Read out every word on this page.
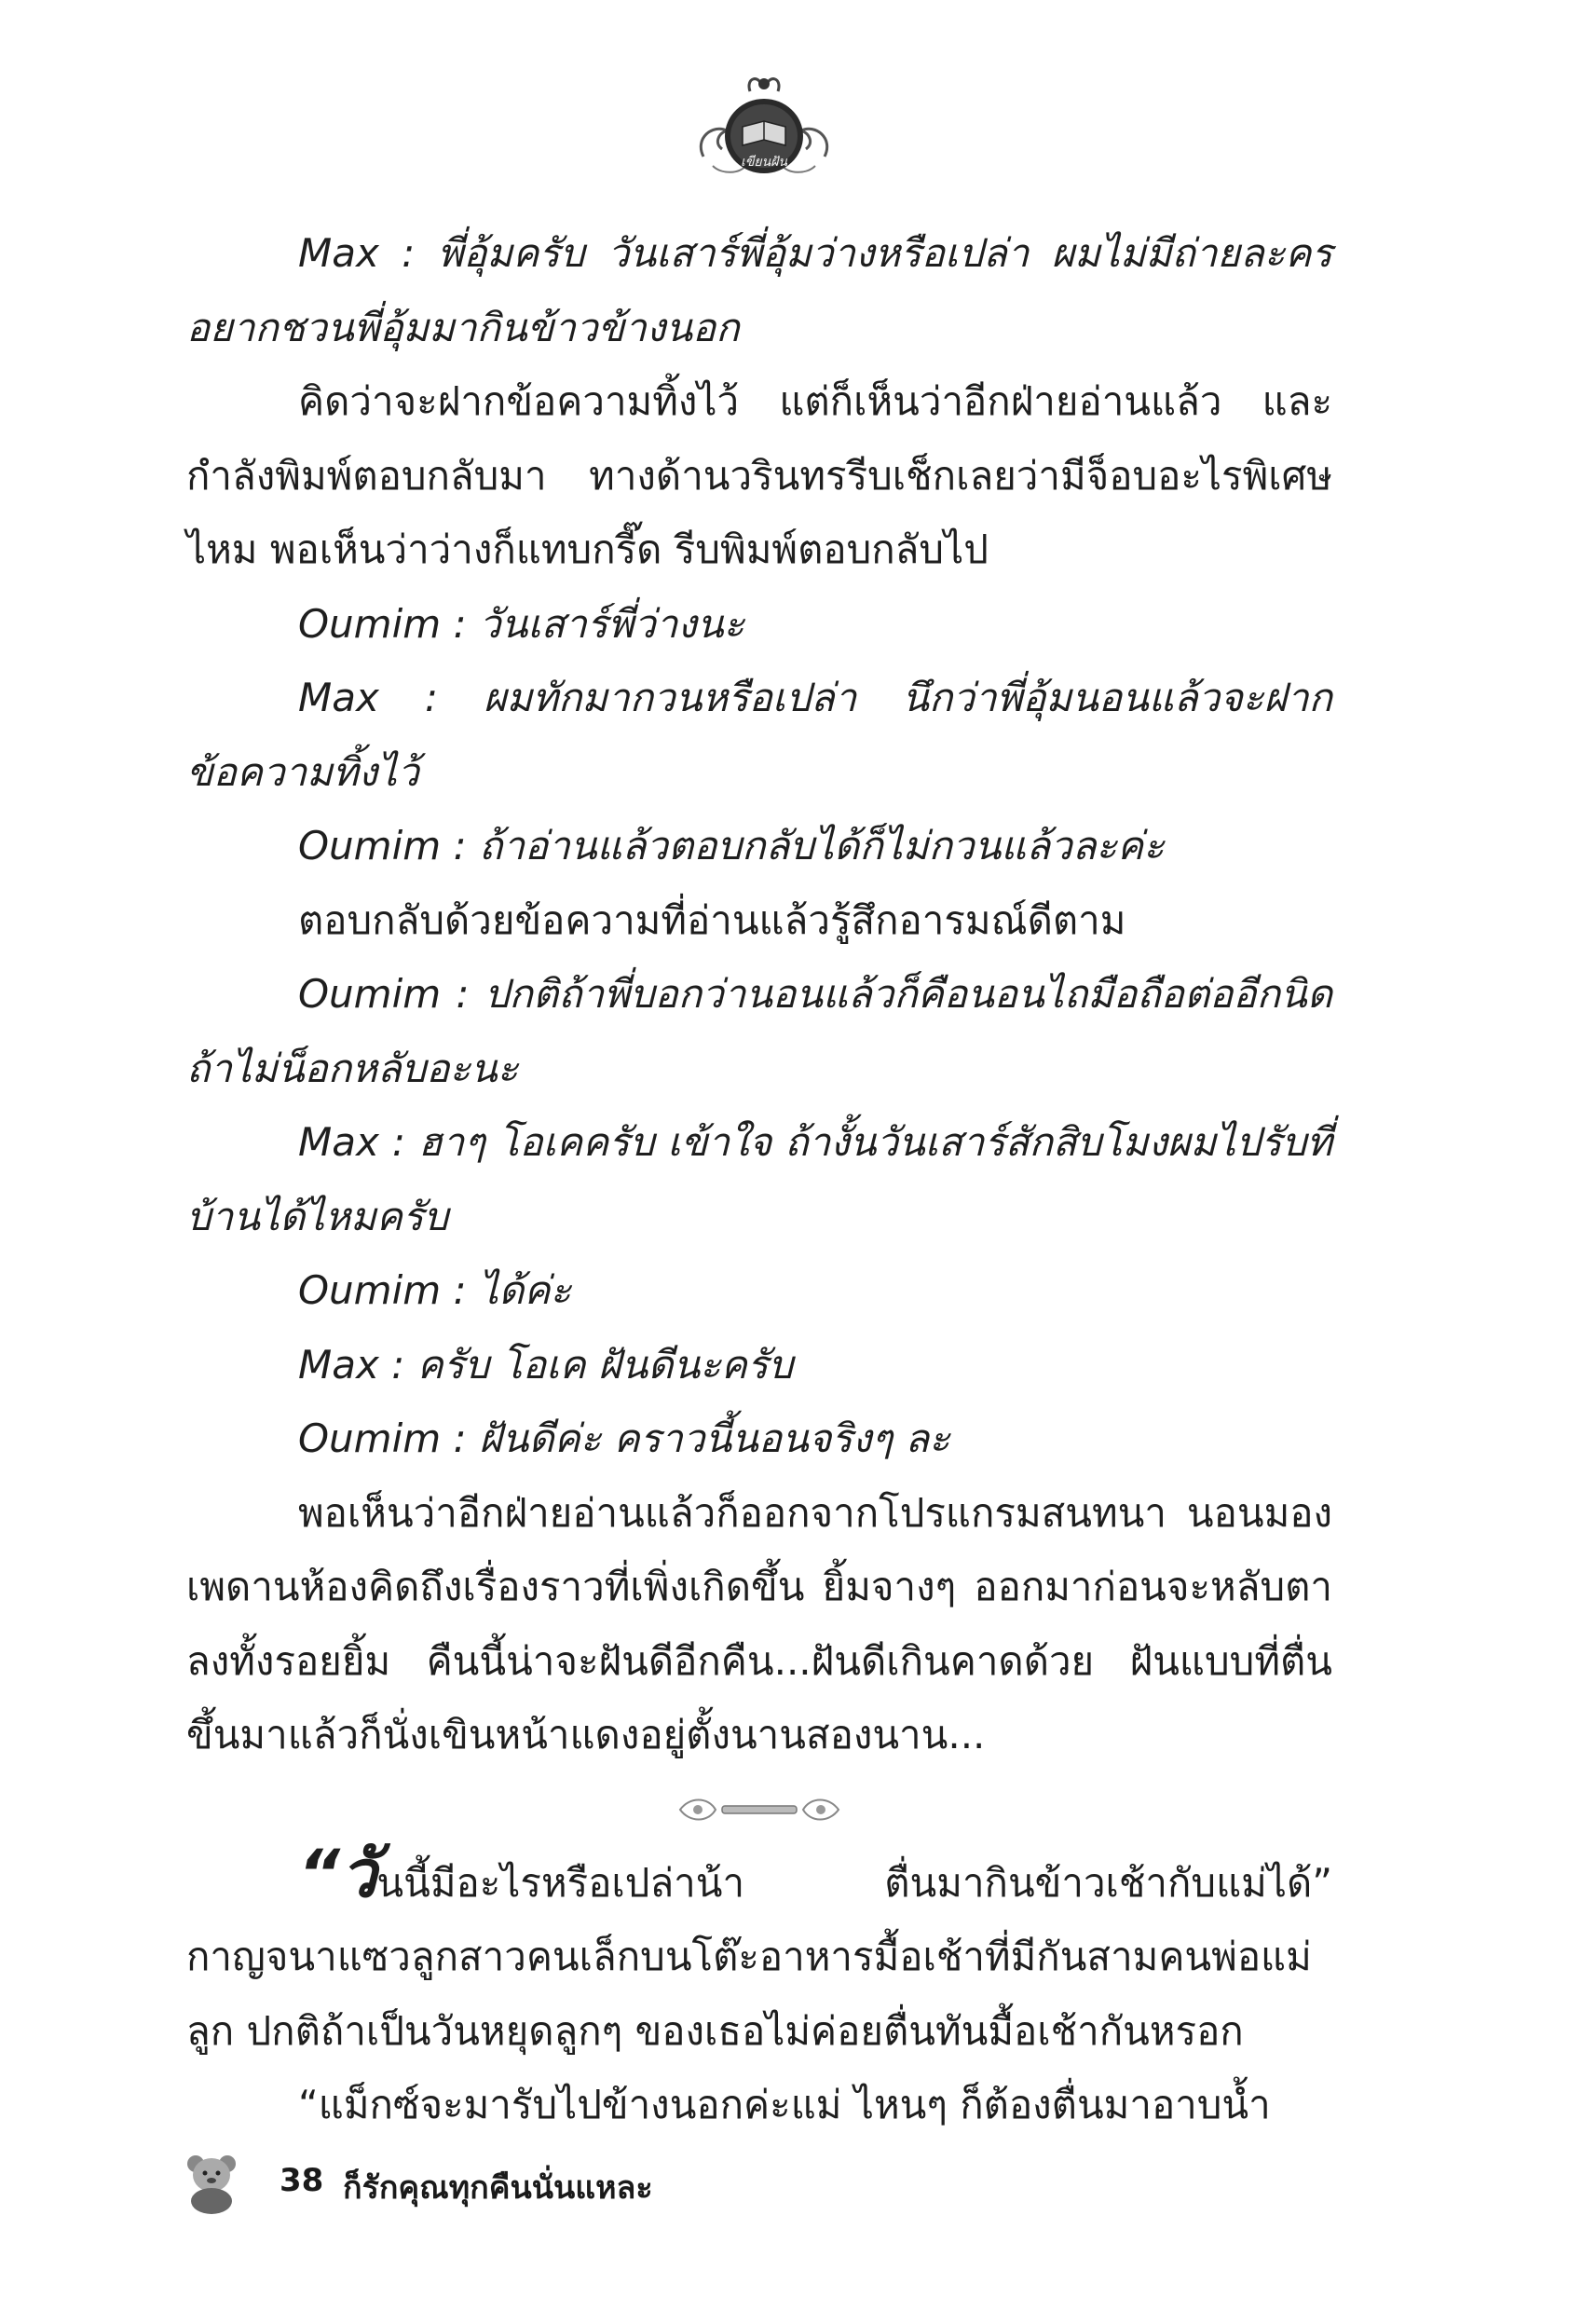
เขียนฝัน

Max : พี่อุ้มครับ วันเสาร์พี่อุ้มว่างหรือเปล่า ผมไม่มีถ่ายละครอยากชวนพี่อุ้มมากินข้าวข้างนอก

คิดว่าจะฝากข้อความทิ้งไว้ แต่ก็เห็นว่าอีกฝ่ายอ่านแล้ว และกำลังพิมพ์ตอบกลับมา ทางด้านวรินทรรีบเช็กเลยว่ามีจ็อบอะไรพิเศษไหม พอเห็นว่าว่างก็แทบกรี๊ด รีบพิมพ์ตอบกลับไป

Oumim : วันเสาร์พี่ว่างนะ

Max : ผมทักมากวนหรือเปล่า นึกว่าพี่อุ้มนอนแล้วจะฝากข้อความทิ้งไว้

Oumim : ถ้าอ่านแล้วตอบกลับได้ก็ไม่กวนแล้วละค่ะ

ตอบกลับด้วยข้อความที่อ่านแล้วรู้สึกอารมณ์ดีตาม

Oumim : ปกติถ้าพี่บอกว่านอนแล้วก็คือนอนไถมือถือต่ออีกนิดถ้าไม่น็อกหลับอะนะ

Max : ฮาๆ โอเคครับ เข้าใจ ถ้างั้นวันเสาร์สักสิบโมงผมไปรับที่บ้านได้ไหมครับ

Oumim : ได้ค่ะ

Max : ครับ โอเค ฝันดีนะครับ

Oumim : ฝันดีค่ะ คราวนี้นอนจริงๆ ละ

พอเห็นว่าอีกฝ่ายอ่านแล้วก็ออกจากโปรแกรมสนทนา นอนมองเพดานห้องคิดถึงเรื่องราวที่เพิ่งเกิดขึ้น ยิ้มจางๆ ออกมาก่อนจะหลับตาลงทั้งรอยยิ้ม คืนนี้น่าจะฝันดีอีกคืน...ฝันดีเกินคาดด้วย ฝันแบบที่ตื่นขึ้นมาแล้วก็นั่งเขินหน้าแดงอยู่ตั้งนานสองนาน...

“วันนี้มีอะไรหรือเปล่าน้า ตื่นมากินข้าวเช้ากับแม่ได้” กาญจนาแซวลูกสาวคนเล็กบนโต๊ะอาหารมื้อเช้าที่มีกันสามคนพ่อแม่ลูก ปกติถ้าเป็นวันหยุดลูกๆ ของเธอไม่ค่อยตื่นทันมื้อเช้ากันหรอก

“แม็กซ์จะมารับไปข้างนอกค่ะแม่ ไหนๆ ก็ต้องตื่นมาอาบน้ำ

38 ก็รักคุณทุกคืนนั่นแหละ
